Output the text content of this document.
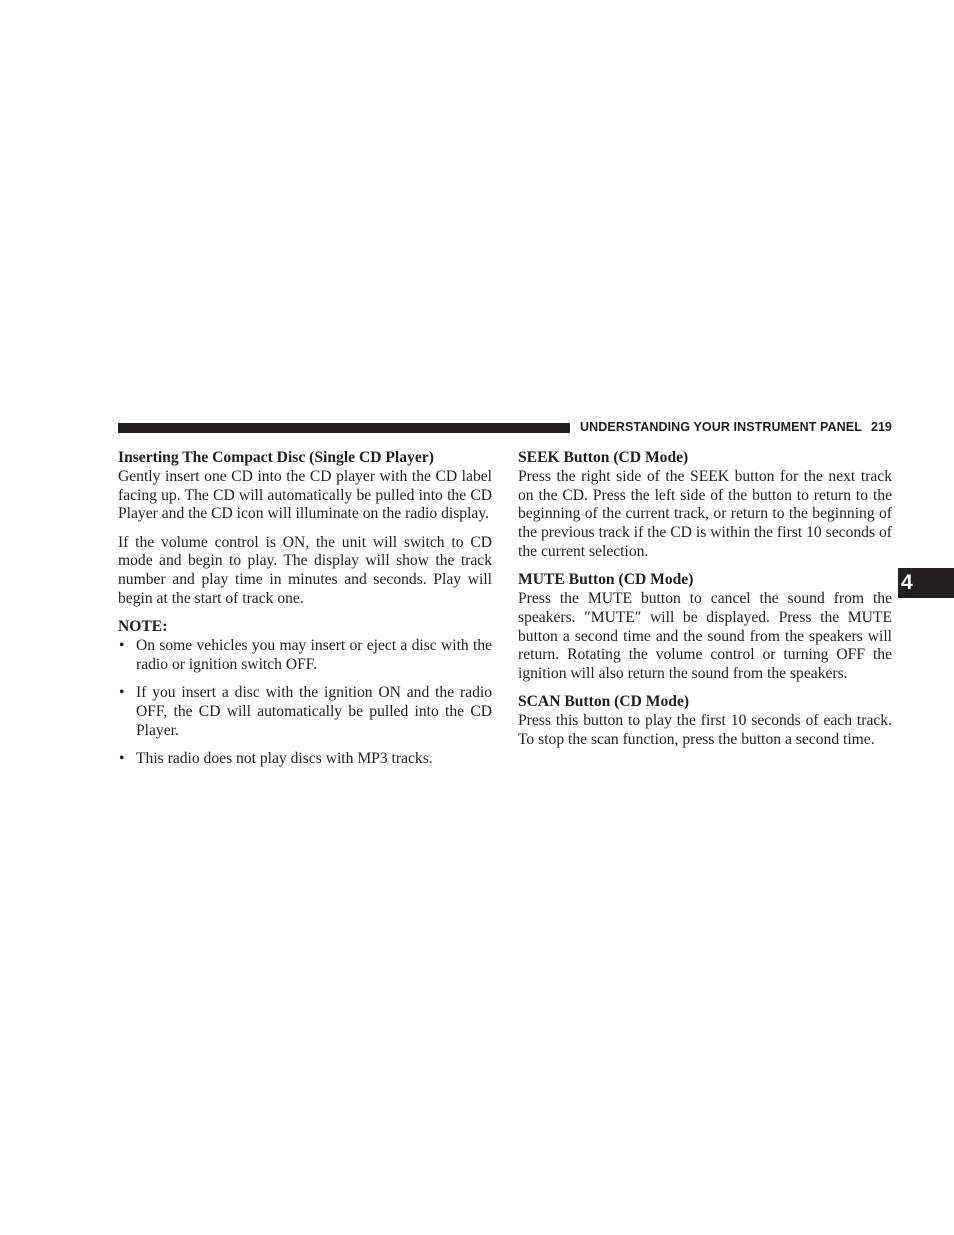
UNDERSTANDING YOUR INSTRUMENT PANEL 219
4

Inserting The Compact Disc (Single CD Player)

Gently insert one CD into the CD player with the CD label facing up. The CD will automatically be pulled into the CD Player and the CD icon will illuminate on the radio display.

If the volume control is ON, the unit will switch to CD mode and begin to play. The display will show the track number and play time in minutes and seconds. Play will begin at the start of track one.

NOTE:

• On some vehicles you may insert or eject a disc with the radio or ignition switch OFF.
• If you insert a disc with the ignition ON and the radio OFF, the CD will automatically be pulled into the CD Player.
• This radio does not play discs with MP3 tracks.

SEEK Button (CD Mode)

Press the right side of the SEEK button for the next track on the CD. Press the left side of the button to return to the beginning of the current track, or return to the beginning of the previous track if the CD is within the first 10 seconds of the current selection.

MUTE Button (CD Mode)

Press the MUTE button to cancel the sound from the speakers. ″MUTE″ will be displayed. Press the MUTE button a second time and the sound from the speakers will return. Rotating the volume control or turning OFF the ignition will also return the sound from the speakers.

SCAN Button (CD Mode)

Press this button to play the first 10 seconds of each track. To stop the scan function, press the button a second time.
